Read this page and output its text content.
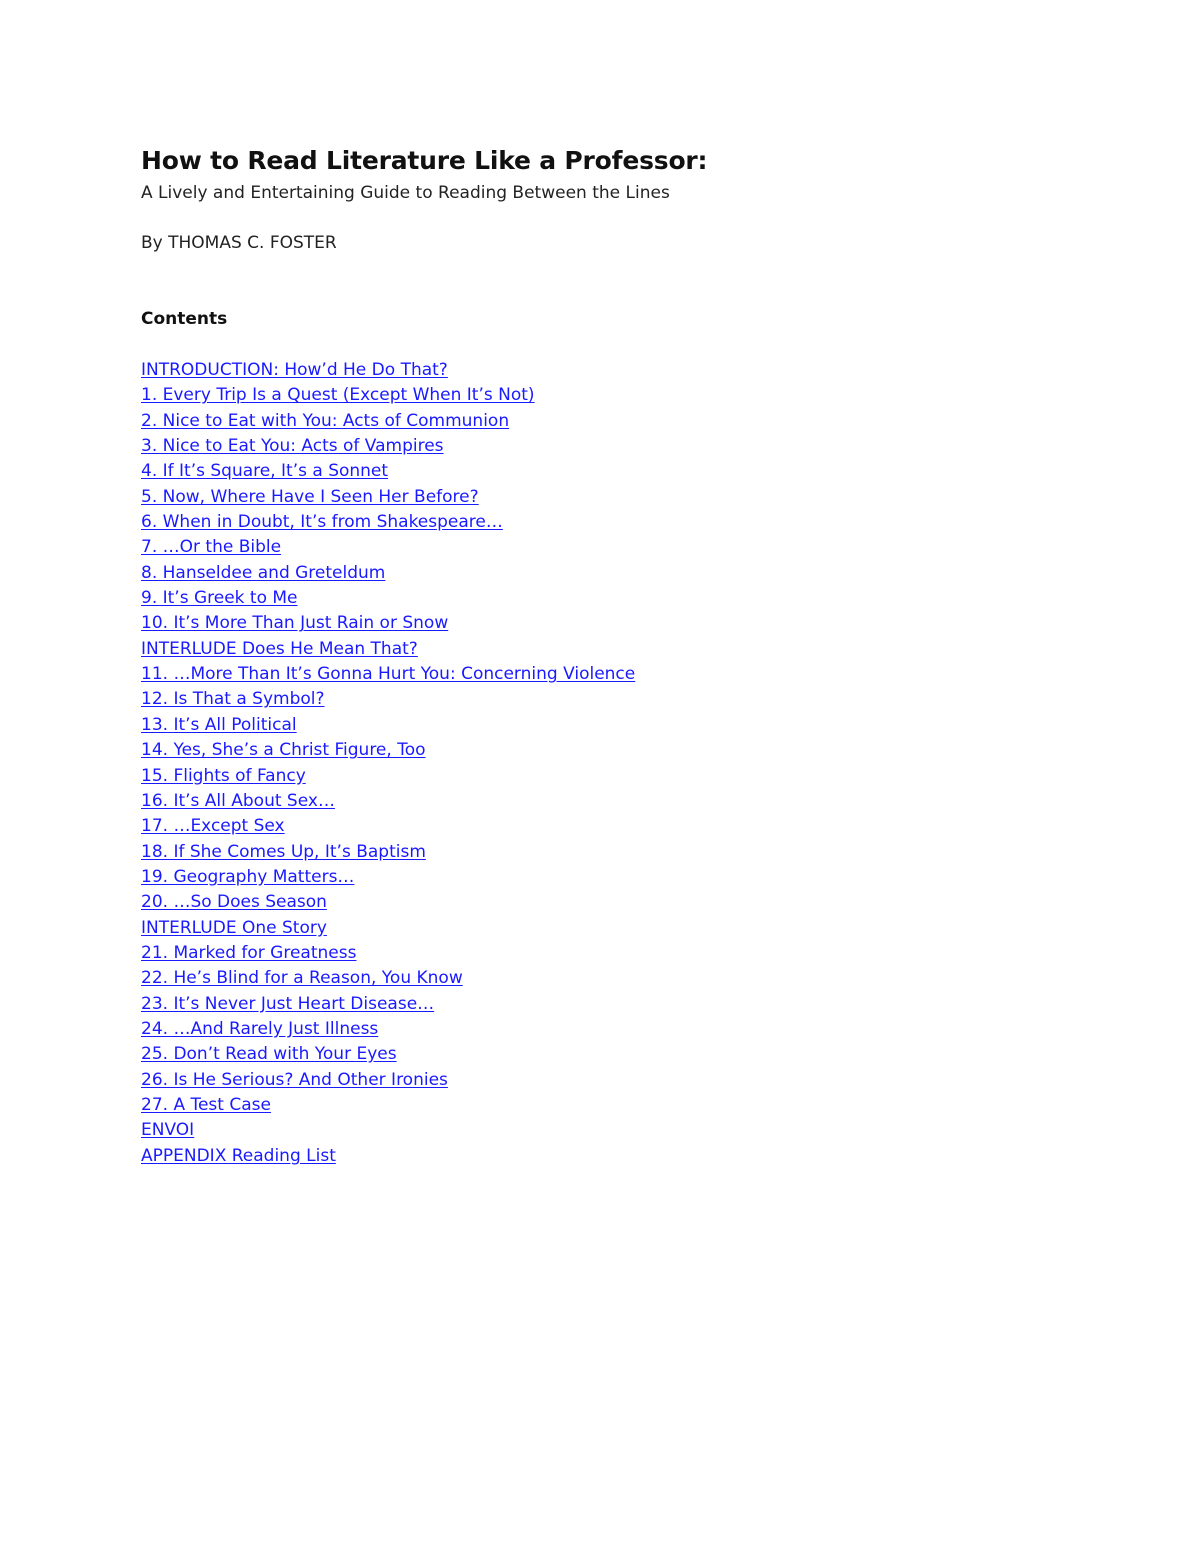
How to Read Literature Like a Professor:

A Lively and Entertaining Guide to Reading Between the Lines

By THOMAS C. FOSTER

Contents

INTRODUCTION: How’d He Do That?
1. Every Trip Is a Quest (Except When It’s Not)
2. Nice to Eat with You: Acts of Communion
3. Nice to Eat You: Acts of Vampires
4. If It’s Square, It’s a Sonnet
5. Now, Where Have I Seen Her Before?
6. When in Doubt, It’s from Shakespeare…
7. …Or the Bible
8. Hanseldee and Greteldum
9. It’s Greek to Me
10. It’s More Than Just Rain or Snow
INTERLUDE Does He Mean That?
11. …More Than It’s Gonna Hurt You: Concerning Violence
12. Is That a Symbol?
13. It’s All Political
14. Yes, She’s a Christ Figure, Too
15. Flights of Fancy
16. It’s All About Sex…
17. …Except Sex
18. If She Comes Up, It’s Baptism
19. Geography Matters…
20. …So Does Season
INTERLUDE One Story
21. Marked for Greatness
22. He’s Blind for a Reason, You Know
23. It’s Never Just Heart Disease…
24. …And Rarely Just Illness
25. Don’t Read with Your Eyes
26. Is He Serious? And Other Ironies
27. A Test Case
ENVOI
APPENDIX Reading List
